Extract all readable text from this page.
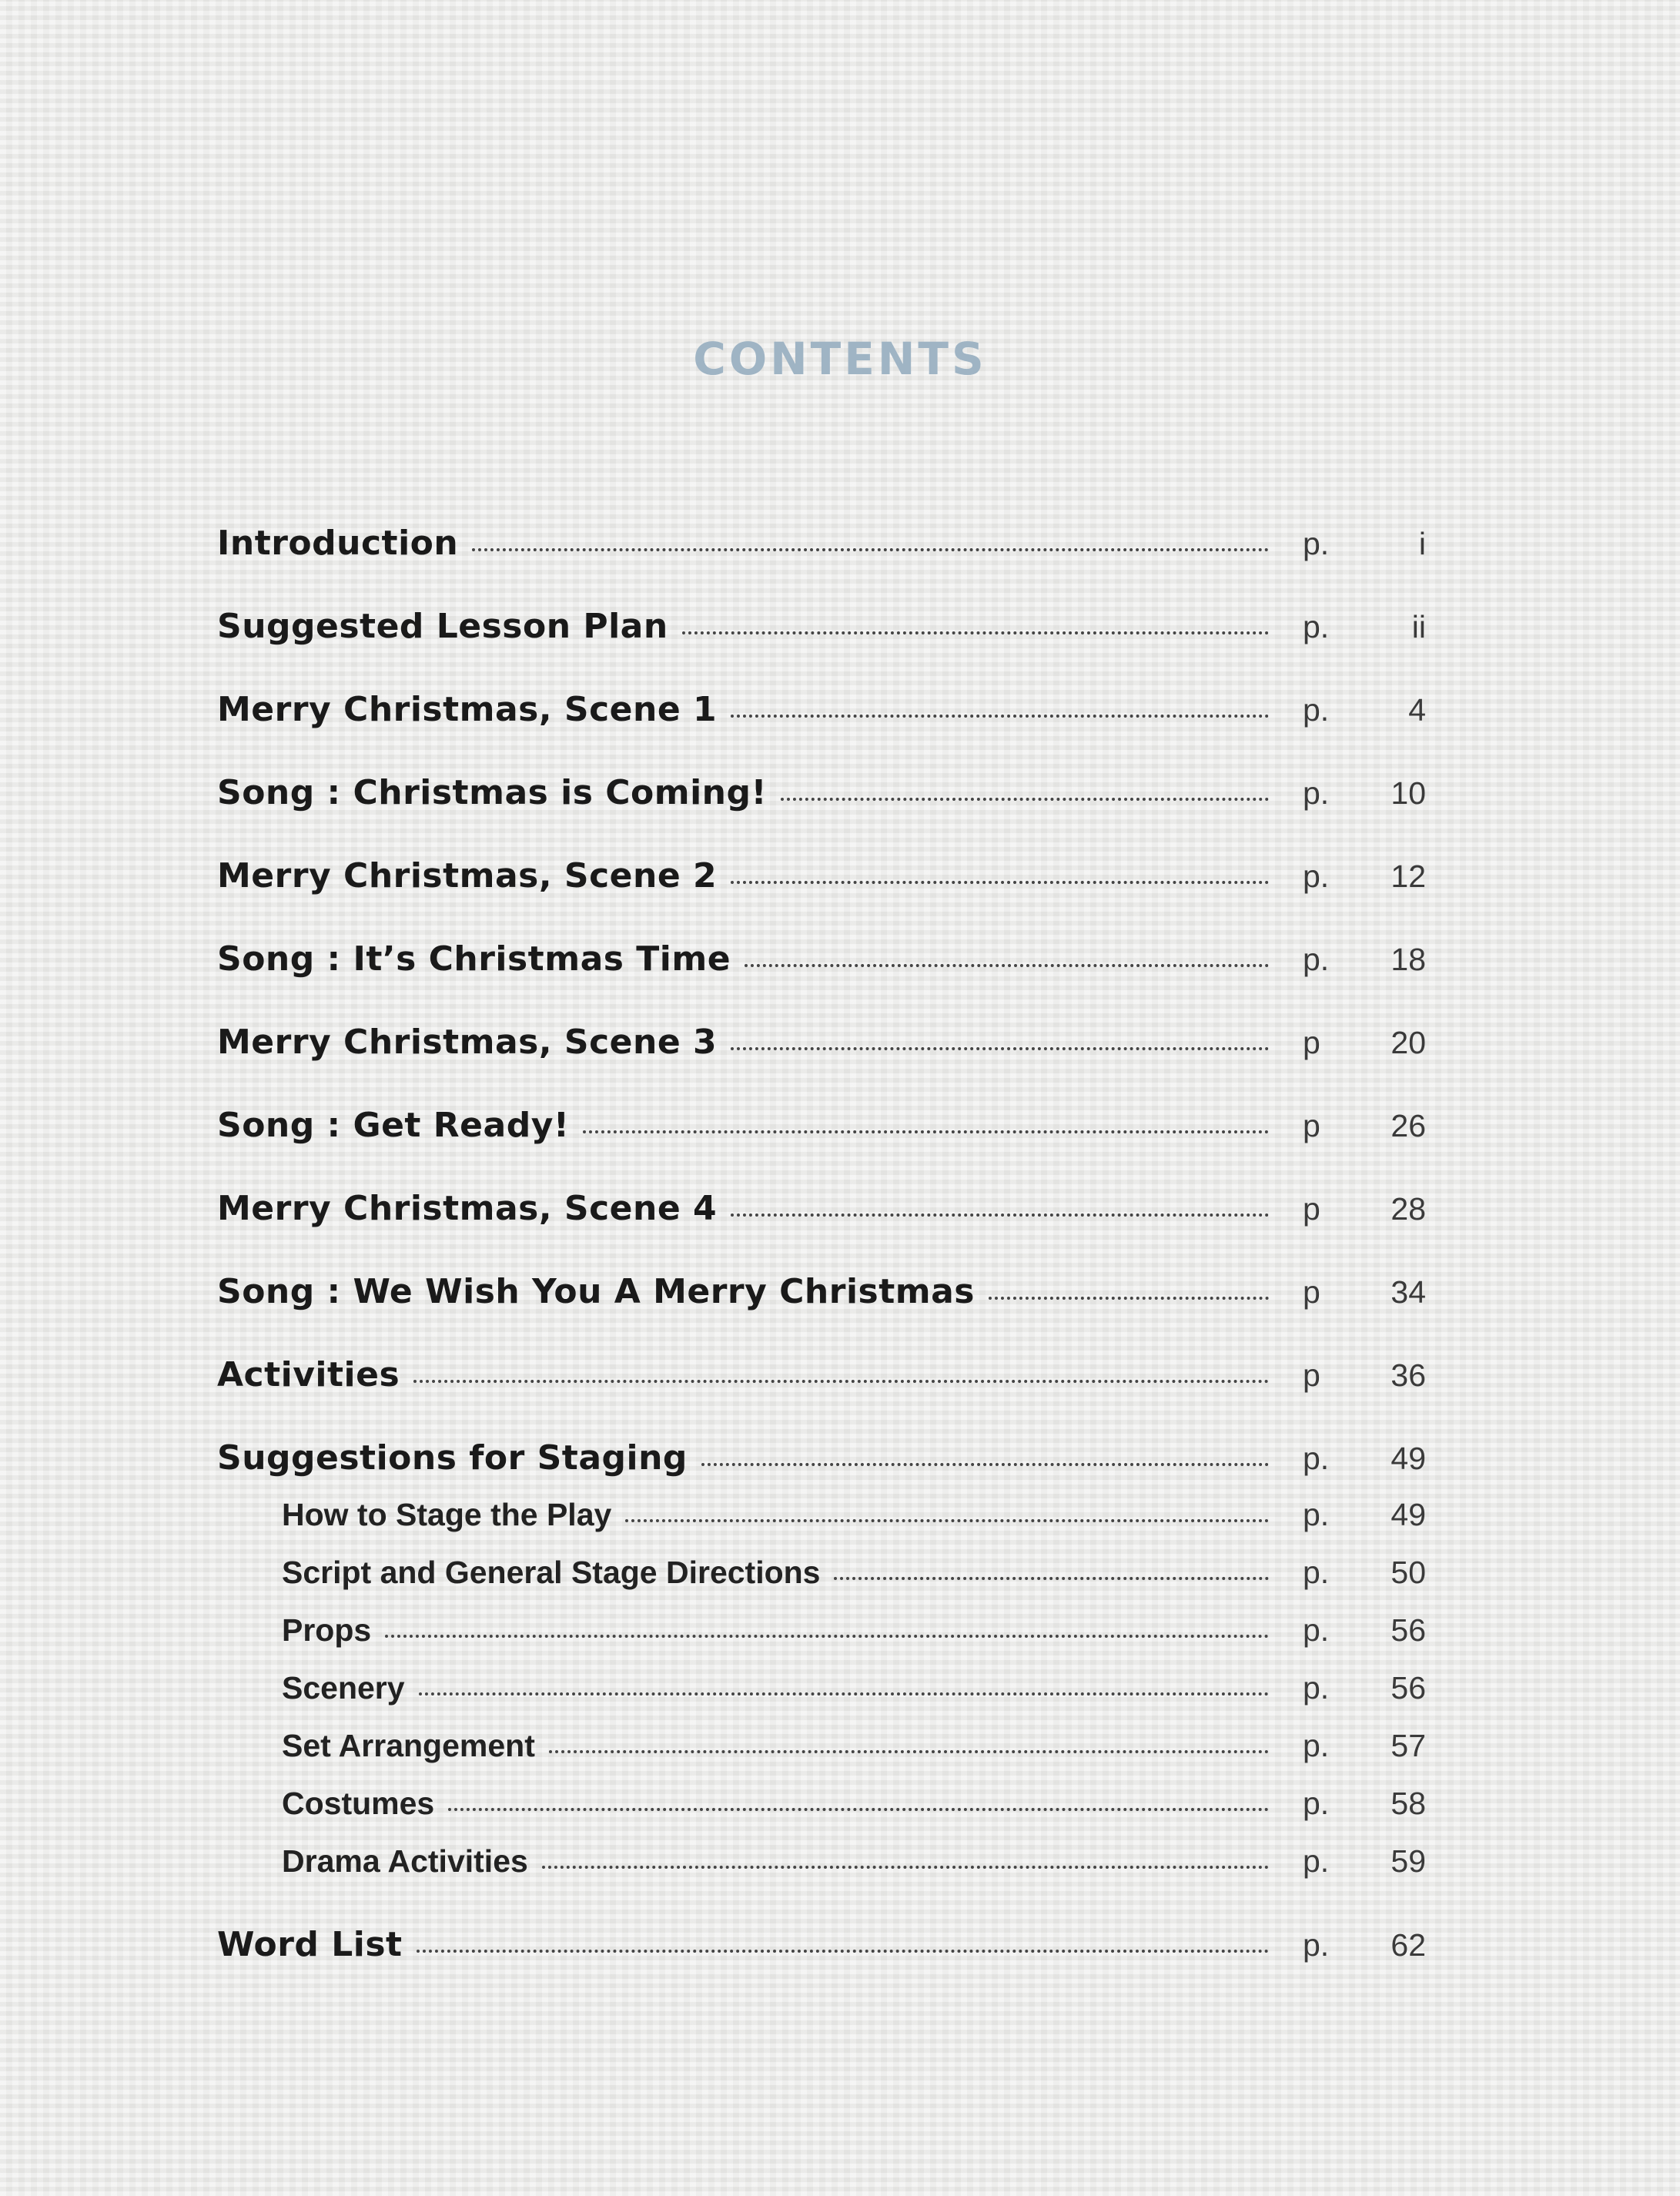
CONTENTS
Introduction	p.	i
Suggested Lesson Plan	p.	ii
Merry Christmas, Scene 1	p.	4
Song : Christmas is Coming!	p.	10
Merry Christmas, Scene 2	p.	12
Song : It’s Christmas Time	p.	18
Merry Christmas, Scene 3	p	20
Song : Get Ready!	p	26
Merry Christmas, Scene 4	p	28
Song : We Wish You A Merry Christmas	p	34
Activities	p	36
Suggestions for Staging	p.	49
How to Stage the Play	p.	49
Script and General Stage Directions	p.	50
Props	p.	56
Scenery	p.	56
Set Arrangement	p.	57
Costumes	p.	58
Drama Activities	p.	59
Word List	p.	62
